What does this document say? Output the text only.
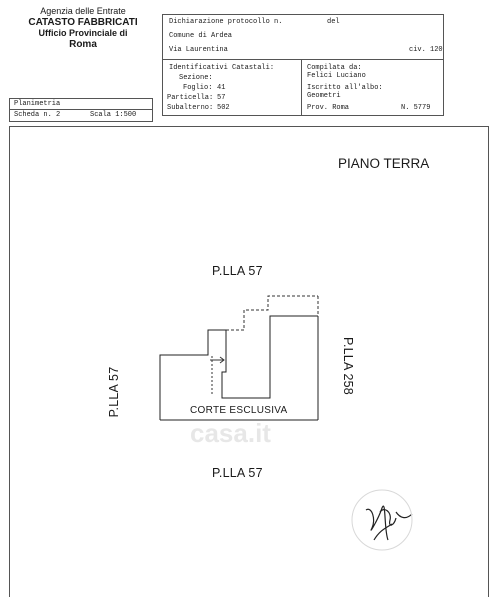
Agenzia delle Entrate
CATASTO FABBRICATI
Ufficio Provinciale di
Roma
Dichiarazione protocollo n.	del
Comune di Ardea
Via Laurentina	civ. 120
Identificativi Catastali:
Sezione:
Foglio: 41
Particella: 57
Subalterno: 502
Compilata da:
Felici Luciano
Iscritto all'albo:
Geometri
Prov. Roma	N. 5779
Planimetria
Scheda n. 2	Scala 1:500
PIANO TERRA
P.LLA 57
P.LLA 57
P.LLA 57	P.LLA 258
CORTE ESCLUSIVA
casa.it
